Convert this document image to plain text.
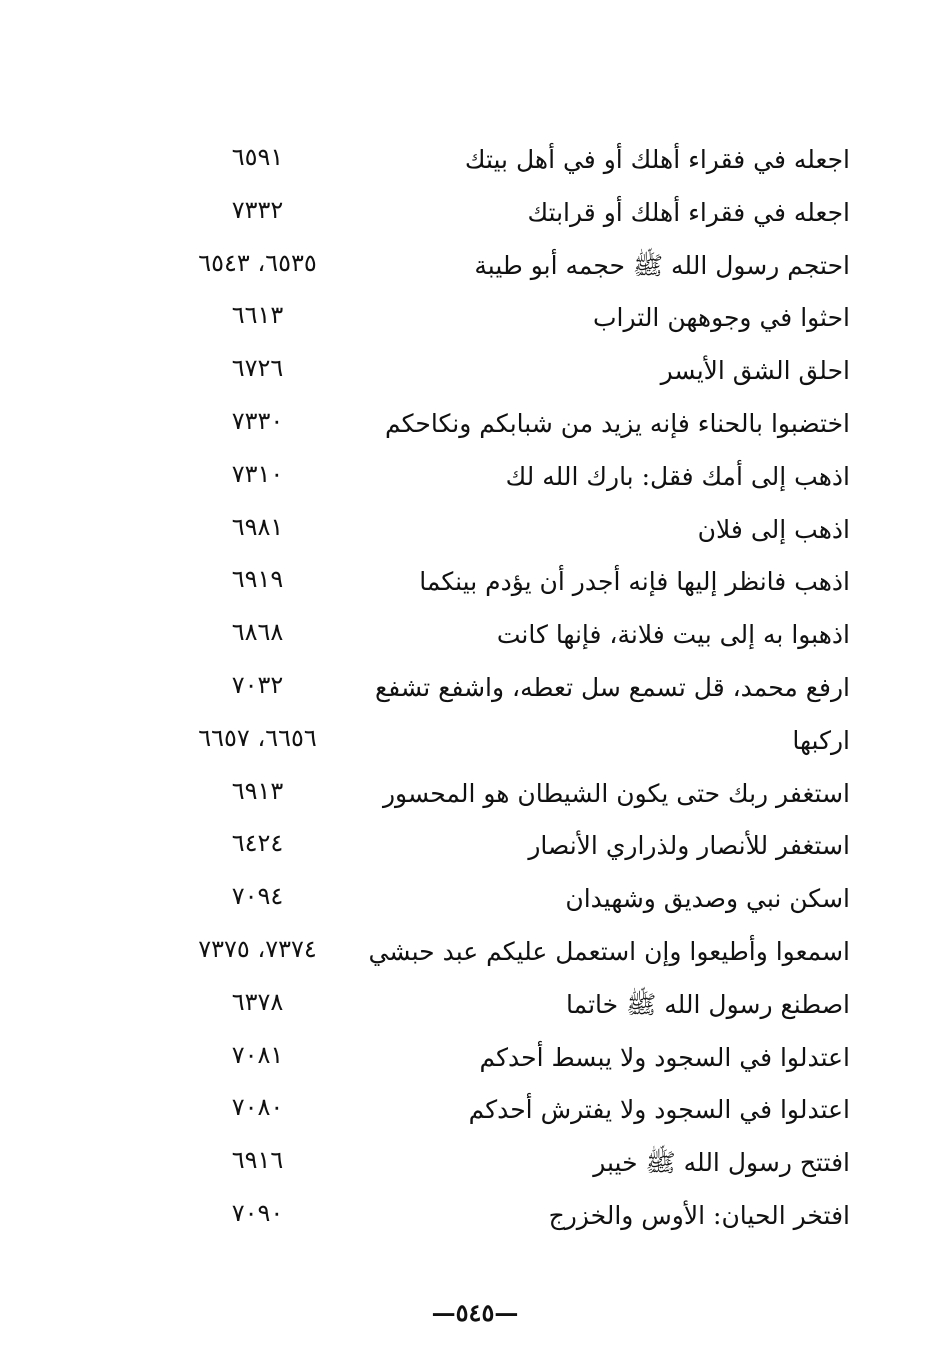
اجعله في فقراء أهلك أو في أهل بيتك
٦٥٩١
اجعله في فقراء أهلك أو قرابتك
٧٣٣٢
احتجم رسول الله ﷺ حجمه أبو طيبة
٦٥٣٥، ٦٥٤٣
احثوا في وجوههن التراب
٦٦١٣
احلق الشق الأيسر
٦٧٢٦
اختضبوا بالحناء فإنه يزيد من شبابكم ونكاحكم
٧٣٣٠
اذهب إلى أمك فقل: بارك الله لك
٧٣١٠
اذهب إلى فلان
٦٩٨١
اذهب فانظر إليها فإنه أجدر أن يؤدم بينكما
٦٩١٩
اذهبوا به إلى بيت فلانة، فإنها كانت
٦٨٦٨
ارفع محمد، قل تسمع سل تعطه، واشفع تشفع
٧٠٣٢
اركبها
٦٦٥٦، ٦٦٥٧
استغفر ربك حتى يكون الشيطان هو المحسور
٦٩١٣
استغفر للأنصار ولذراري الأنصار
٦٤٢٤
اسكن نبي وصديق وشهيدان
٧٠٩٤
اسمعوا وأطيعوا وإن استعمل عليكم عبد حبشي
٧٣٧٤، ٧٣٧٥
اصطنع رسول الله ﷺ خاتما
٦٣٧٨
اعتدلوا في السجود ولا يبسط أحدكم
٧٠٨١
اعتدلوا في السجود ولا يفترش أحدكم
٧٠٨٠
افتتح رسول الله ﷺ خيبر
٦٩١٦
افتخر الحيان: الأوس والخزرج
٧٠٩٠
—٥٤٥—
